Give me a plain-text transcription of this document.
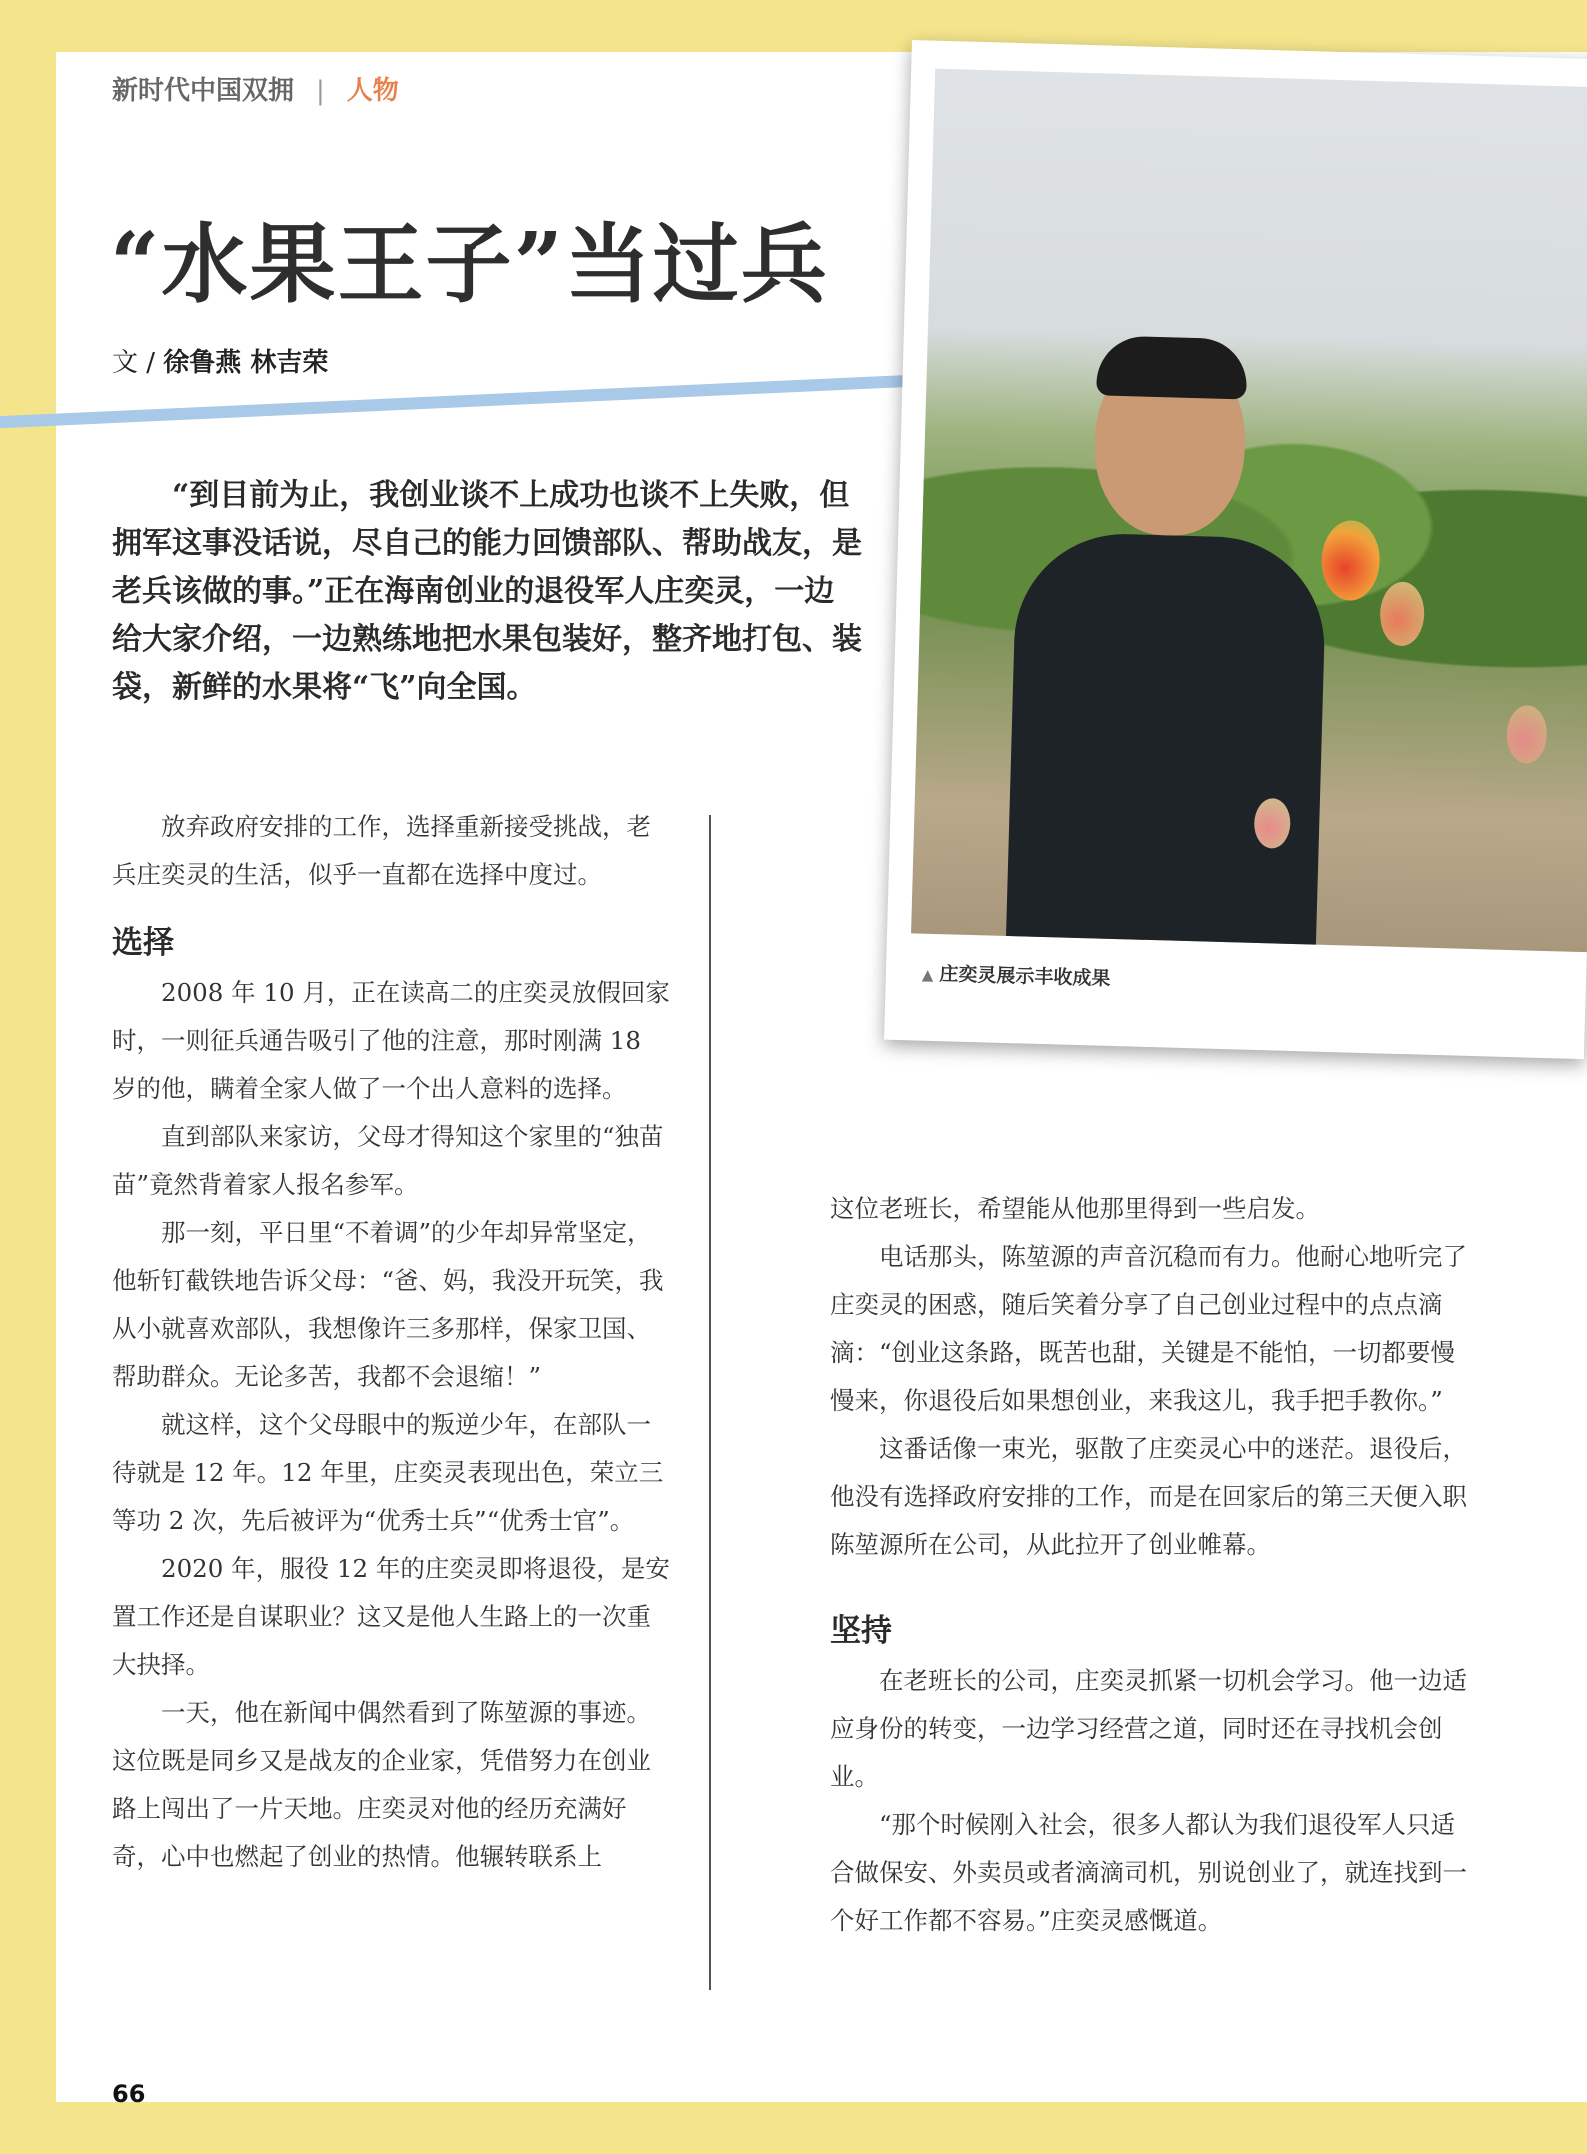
新时代中国双拥 | 人物
“水果王子”当过兵
文 / 徐鲁燕 林吉荣
“到目前为止，我创业谈不上成功也谈不上失败，但拥军这事没话说，尽自己的能力回馈部队、帮助战友，是老兵该做的事。”正在海南创业的退役军人庄奕灵，一边给大家介绍，一边熟练地把水果包装好，整齐地打包、装袋，新鲜的水果将“飞”向全国。
▲ 庄奕灵展示丰收成果

放弃政府安排的工作，选择重新接受挑战，老兵庄奕灵的生活，似乎一直都在选择中度过。

选择

2008 年 10 月，正在读高二的庄奕灵放假回家时，一则征兵通告吸引了他的注意，那时刚满 18 岁的他，瞒着全家人做了一个出人意料的选择。

直到部队来家访，父母才得知这个家里的“独苗苗”竟然背着家人报名参军。

那一刻，平日里“不着调”的少年却异常坚定，他斩钉截铁地告诉父母：“爸、妈，我没开玩笑，我从小就喜欢部队，我想像许三多那样，保家卫国、帮助群众。无论多苦，我都不会退缩！”

就这样，这个父母眼中的叛逆少年，在部队一待就是 12 年。12 年里，庄奕灵表现出色，荣立三等功 2 次，先后被评为“优秀士兵”“优秀士官”。

2020 年，服役 12 年的庄奕灵即将退役，是安置工作还是自谋职业？这又是他人生路上的一次重大抉择。

一天，他在新闻中偶然看到了陈堃源的事迹。这位既是同乡又是战友的企业家，凭借努力在创业路上闯出了一片天地。庄奕灵对他的经历充满好奇，心中也燃起了创业的热情。他辗转联系上

这位老班长，希望能从他那里得到一些启发。

电话那头，陈堃源的声音沉稳而有力。他耐心地听完了庄奕灵的困惑，随后笑着分享了自己创业过程中的点点滴滴：“创业这条路，既苦也甜，关键是不能怕，一切都要慢慢来，你退役后如果想创业，来我这儿，我手把手教你。”

这番话像一束光，驱散了庄奕灵心中的迷茫。退役后，他没有选择政府安排的工作，而是在回家后的第三天便入职陈堃源所在公司，从此拉开了创业帷幕。

坚持

在老班长的公司，庄奕灵抓紧一切机会学习。他一边适应身份的转变，一边学习经营之道，同时还在寻找机会创业。

“那个时候刚入社会，很多人都认为我们退役军人只适合做保安、外卖员或者滴滴司机，别说创业了，就连找到一个好工作都不容易。”庄奕灵感慨道。

66
